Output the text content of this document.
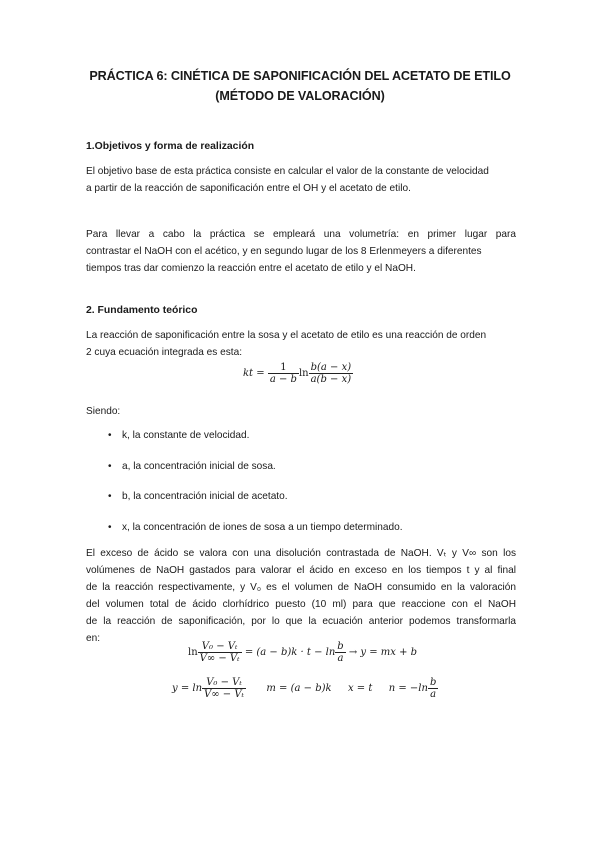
PRÁCTICA 6: CINÉTICA DE SAPONIFICACIÓN DEL ACETATO DE ETILO
(MÉTODO DE VALORACIÓN)
1.Objetivos y forma de realización
El objetivo base de esta práctica consiste en calcular el valor de la constante de velocidad
a partir de la reacción de saponificación entre el OH y el acetato de etilo.
Para llevar a cabo la práctica se empleará una volumetría: en primer lugar para
contrastar el NaOH con el acético, y en segundo lugar de los 8 Erlenmeyers a diferentes
tiempos tras dar comienzo la reacción entre el acetato de etilo y el NaOH.
2. Fundamento teórico
La reacción de saponificación entre la sosa y el acetato de etilo es una reacción de orden
2 cuya ecuación integrada es esta:
kt = $\frac{1}{a - b}$ $\ln \frac{b(a - x)}{a(b - x)}$
Siendo:
• k, la constante de velocidad.
• a, la concentración inicial de sosa.
• b, la concentración inicial de acetato.
• x, la concentración de iones de sosa a un tiempo determinado.
El exceso de ácido se valora con una disolución contrastada de NaOH. Vₜ y V∞ son los
volúmenes de NaOH gastados para valorar el ácido en exceso en los tiempos t y al final
de la reacción respectivamente, y V₀ es el volumen de NaOH consumido en la valoración
del volumen total de ácido clorhídrico puesto (10 ml) para que reaccione con el NaOH
de la reacción de saponificación, por lo que la ecuación anterior podemos transformarla
en:
$\ln \frac{\text{V₀ − Vₜ}}{\text{V∞ − Vₜ}} = (a - b)k \cdot t - \ln \frac{b}{a} \to y$ = mx + b
$y = \ln \frac{\text{V₀ − Vₜ}}{\text{V∞ − Vₜ}}$ m = (a − b)k x = t $n = -\ln \frac{b}{a}$
